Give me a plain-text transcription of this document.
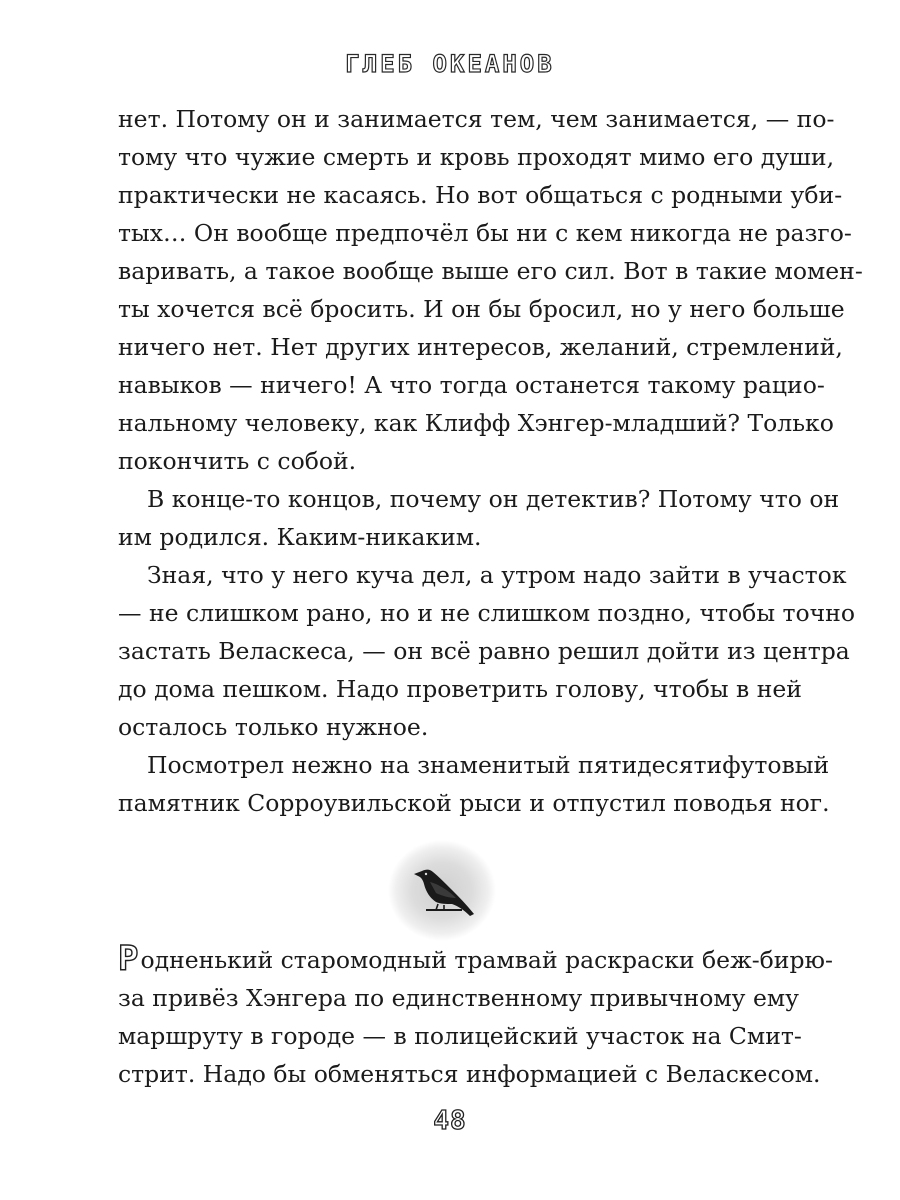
ГЛЕБ ОКЕАНОВ
нет. Потому он и занимается тем, чем занимается, — по-
тому что чужие смерть и кровь проходят мимо его души,
практически не касаясь. Но вот общаться с родными уби-
тых… Он вообще предпочёл бы ни с кем никогда не разго-
варивать, а такое вообще выше его сил. Вот в такие момен-
ты хочется всё бросить. И он бы бросил, но у него больше
ничего нет. Нет других интересов, желаний, стремлений,
навыков — ничего! А что тогда останется такому рацио-
нальному человеку, как Клифф Хэнгер-младший? Только
покончить с собой.
В конце-то концов, почему он детектив? Потому что он
им родился. Каким-никаким.
Зная, что у него куча дел, а утром надо зайти в участок
— не слишком рано, но и не слишком поздно, чтобы точно
застать Веласкеса, — он всё равно решил дойти из центра
до дома пешком. Надо проветрить голову, чтобы в ней
осталось только нужное.
Посмотрел нежно на знаменитый пятидесятифутовый
памятник Сорроувильской рыси и отпустил поводья ног.
Родненький старомодный трамвай раскраски беж-бирю-
за привёз Хэнгера по единственному привычному ему
маршруту в городе — в полицейский участок на Смит-
стрит. Надо бы обменяться информацией с Веласкесом.
48
